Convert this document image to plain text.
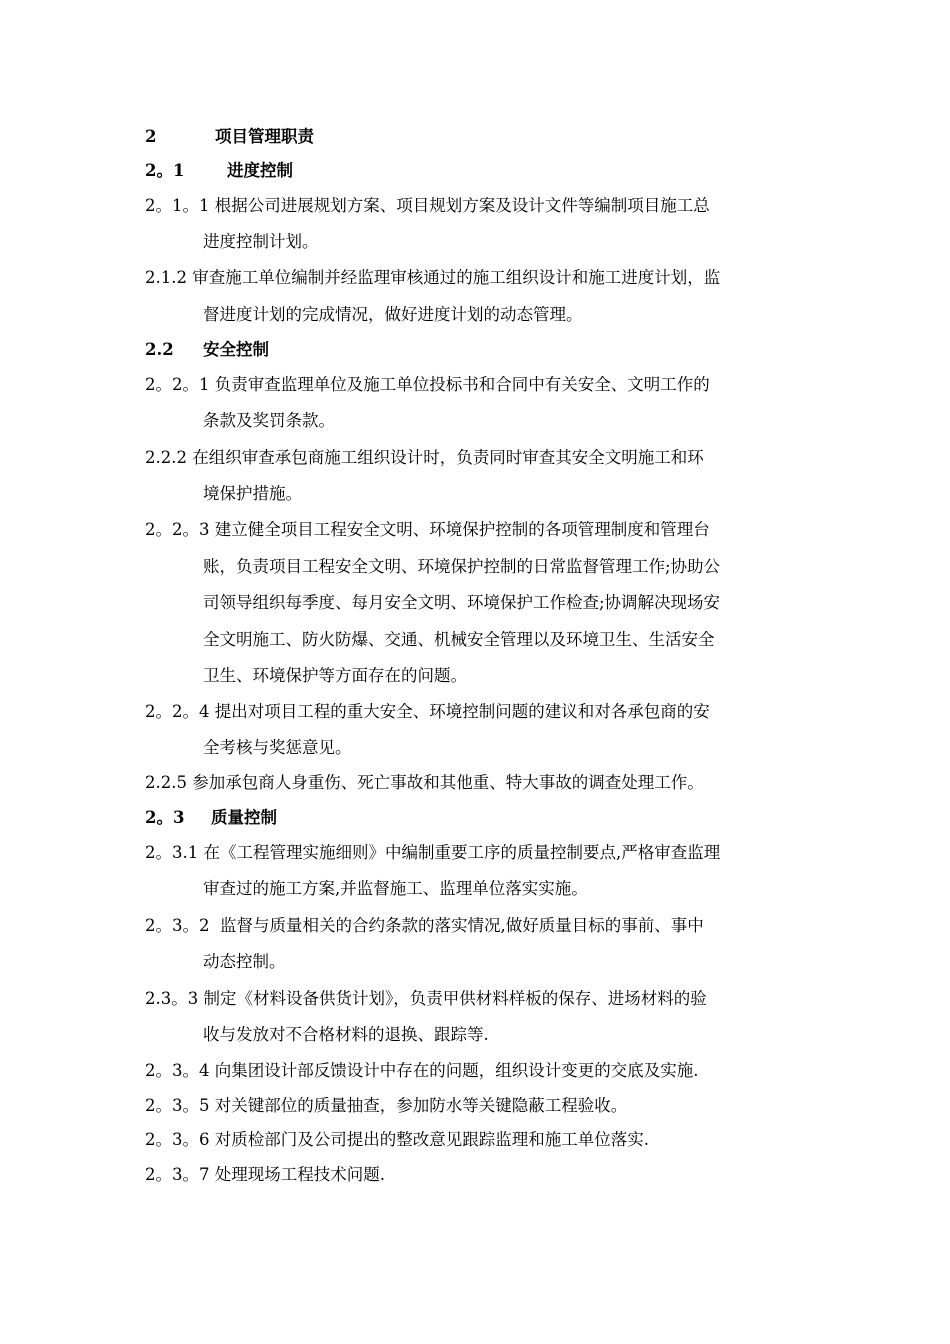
2	项目管理职责
2。1	进度控制
2。1。1 根据公司进展规划方案、项目规划方案及设计文件等编制项目施工总
进度控制计划。
2.1.2 审查施工单位编制并经监理审核通过的施工组织设计和施工进度计划，监
督进度计划的完成情况，做好进度计划的动态管理。
2.2 安全控制
2。2。1 负责审查监理单位及施工单位投标书和合同中有关安全、文明工作的
条款及奖罚条款。
2.2.2 在组织审查承包商施工组织设计时，负责同时审查其安全文明施工和环
境保护措施。
2。2。3 建立健全项目工程安全文明、环境保护控制的各项管理制度和管理台
账，负责项目工程安全文明、环境保护控制的日常监督管理工作;协助公
司领导组织每季度、每月安全文明、环境保护工作检查;协调解决现场安
全文明施工、防火防爆、交通、机械安全管理以及环境卫生、生活安全
卫生、环境保护等方面存在的问题。
2。2。4 提出对项目工程的重大安全、环境控制问题的建议和对各承包商的安
全考核与奖惩意见。
2.2.5 参加承包商人身重伤、死亡事故和其他重、特大事故的调查处理工作。
2。3 质量控制
2。3.1 在《工程管理实施细则》中编制重要工序的质量控制要点,严格审查监理
审查过的施工方案,并监督施工、监理单位落实实施。
2。3。2  监督与质量相关的合约条款的落实情况,做好质量目标的事前、事中
动态控制。
2.3。3 制定《材料设备供货计划》，负责甲供材料样板的保存、进场材料的验
收与发放对不合格材料的退换、跟踪等.
2。3。4 向集团设计部反馈设计中存在的问题，组织设计变更的交底及实施.
2。3。5 对关键部位的质量抽查，参加防水等关键隐蔽工程验收。
2。3。6 对质检部门及公司提出的整改意见跟踪监理和施工单位落实.
2。3。7 处理现场工程技术问题.
